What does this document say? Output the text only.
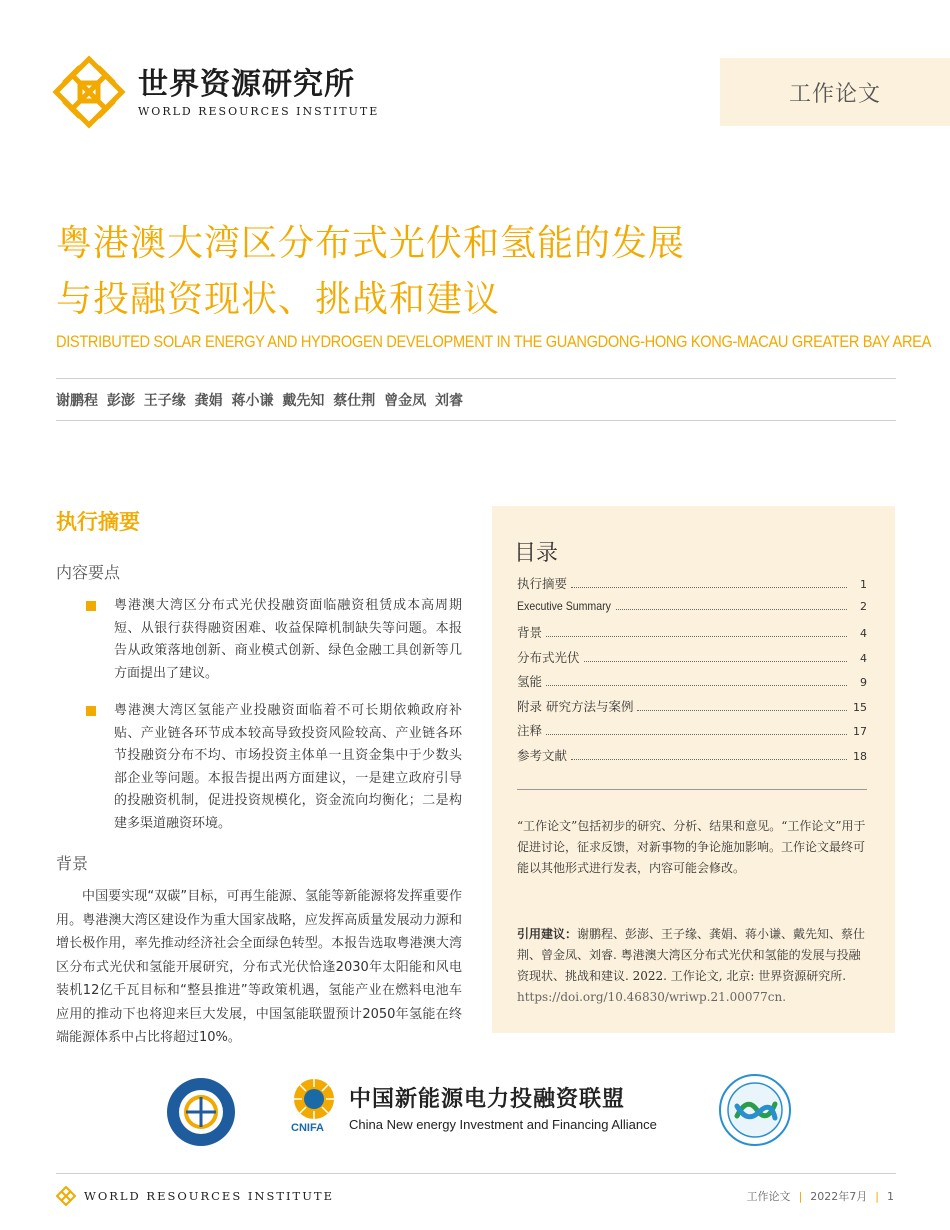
世界资源研究所
WORLD RESOURCES INSTITUTE
工作论文
粤港澳大湾区分布式光伏和氢能的发展
与投融资现状、挑战和建议
DISTRIBUTED SOLAR ENERGY AND HYDROGEN DEVELOPMENT IN THE GUANGDONG-HONG KONG-MACAU GREATER BAY AREA
谢鹏程 彭澎 王子缘 龚娟 蒋小谦 戴先知 蔡仕荆 曾金凤 刘睿
执行摘要
内容要点
粤港澳大湾区分布式光伏投融资面临融资租赁成本高周期短、从银行获得融资困难、收益保障机制缺失等问题。本报告从政策落地创新、商业模式创新、绿色金融工具创新等几方面提出了建议。
粤港澳大湾区氢能产业投融资面临着不可长期依赖政府补贴、产业链各环节成本较高导致投资风险较高、产业链各环节投融资分布不均、市场投资主体单一且资金集中于少数头部企业等问题。本报告提出两方面建议，一是建立政府引导的投融资机制，促进投资规模化，资金流向均衡化；二是构建多渠道融资环境。
背景
中国要实现“双碳”目标，可再生能源、氢能等新能源将发挥重要作用。粤港澳大湾区建设作为重大国家战略，应发挥高质量发展动力源和增长极作用，率先推动经济社会全面绿色转型。本报告选取粤港澳大湾区分布式光伏和氢能开展研究，分布式光伏恰逢2030年太阳能和风电装机12亿千瓦目标和“整县推进”等政策机遇，氢能产业在燃料电池车应用的推动下也将迎来巨大发展，中国氢能联盟预计2050年氢能在终端能源体系中占比将超过10%。
目录
执行摘要	1
Executive Summary	2
背景	4
分布式光伏	4
氢能	9
附录 研究方法与案例	15
注释	17
参考文献	18
“工作论文”包括初步的研究、分析、结果和意见。“工作论文”用于促进讨论，征求反馈，对新事物的争论施加影响。工作论文最终可能以其他形式进行发表，内容可能会修改。
引用建议：谢鹏程、彭澎、王子缘、龚娟、蒋小谦、戴先知、蔡仕荆、曾金凤、刘睿. 粤港澳大湾区分布式光伏和氢能的发展与投融资现状、挑战和建议. 2022. 工作论文, 北京: 世界资源研究所. https://doi.org/10.46830/wriwp.21.00077cn.
CNIFA
中国新能源电力投融资联盟
China New energy Investment and Financing Alliance
WORLD RESOURCES INSTITUTE	工作论文 | 2022年7月 | 1
